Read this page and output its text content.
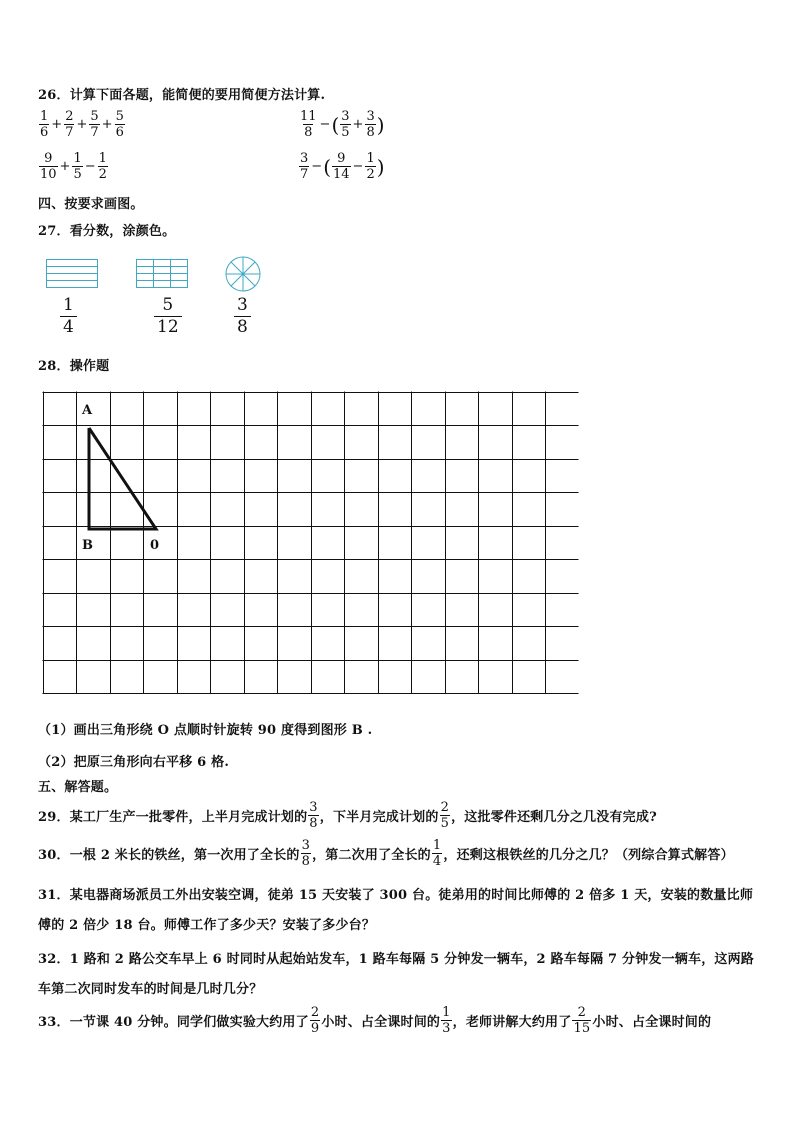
26．计算下面各题，能简便的要用简便方法计算.
$\frac{1}{6} + \frac{2}{7} + \frac{5}{7} + \frac{5}{6}$	$\frac{11}{8}$ − ( $\frac{3}{5} + \frac{3}{8}$ )
$\frac{9}{10} + \frac{1}{5} - \frac{1}{2}$	$\frac{3}{7}$ − ( $\frac{9}{14} - \frac{1}{2}$ )
四、按要求画图。
27．看分数，涂颜色。
$\frac{1}{4}$	$\frac{5}{12}$	$\frac{3}{8}$
28．操作题
A
B	0
（1）画出三角形绕 O 点顺时针旋转 90 度得到图形 B .
（2）把原三角形向右平移 6 格.
五、解答题。
29．某工厂生产一批零件，上半月完成计划的 $\frac{3}{8}$ ，下半月完成计划的 $\frac{2}{5}$ ，这批零件还剩几分之几没有完成?
30．一根 2 米长的铁丝，第一次用了全长的 $\frac{3}{8}$ ，第二次用了全长的 $\frac{1}{4}$ ，还剩这根铁丝的几分之几？（列综合算式解答）
31．某电器商场派员工外出安装空调，徒弟 15 天安装了 300 台。徒弟用的时间比师傅的 2 倍多 1 天，安装的数量比师
傅的 2 倍少 18 台。师傅工作了多少天？安装了多少台？
32．1 路和 2 路公交车早上 6 时同时从起始站发车，1 路车每隔 5 分钟发一辆车，2 路车每隔 7 分钟发一辆车，这两路
车第二次同时发车的时间是几时几分？
33．一节课 40 分钟。同学们做实验大约用了 $\frac{2}{9}$ 小时、占全课时间的 $\frac{1}{3}$ ，老师讲解大约用了 $\frac{2}{15}$ 小时、占全课时间的
